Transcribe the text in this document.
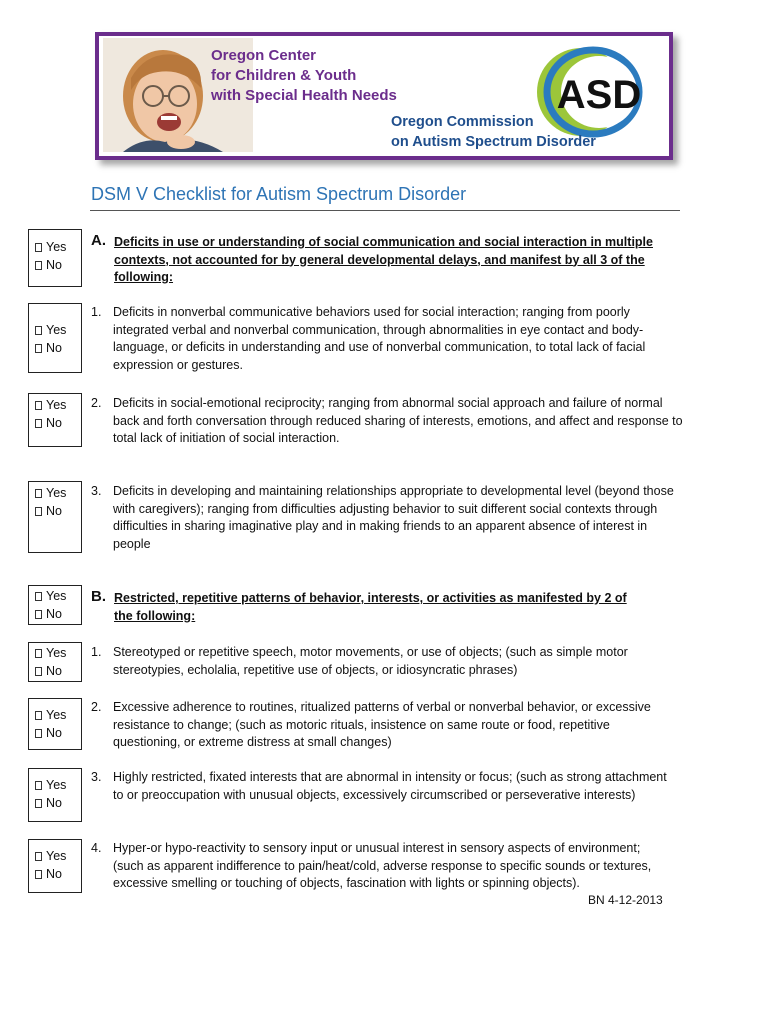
Oregon Center
for Children & Youth
with Special Health Needs	ASD
Oregon Commission
on Autism Spectrum Disorder
DSM V Checklist for Autism Spectrum Disorder
Yes
No
A. Deficits in use or understanding of social communication and social interaction in multiple contexts, not accounted for by general developmental delays, and manifest by all 3 of the following:
Yes
No
1. Deficits in nonverbal communicative behaviors used for social interaction; ranging from poorly integrated verbal and nonverbal communication, through abnormalities in eye contact and body-language, or deficits in understanding and use of nonverbal communication, to total lack of facial expression or gestures.
Yes
No
2. Deficits in social-emotional reciprocity; ranging from abnormal social approach and failure of normal back and forth conversation through reduced sharing of interests, emotions, and affect and response to total lack of initiation of social interaction.
Yes
No
3. Deficits in developing and maintaining relationships appropriate to developmental level (beyond those with caregivers); ranging from difficulties adjusting behavior to suit different social contexts through difficulties in sharing imaginative play and in making friends to an apparent absence of interest in people
Yes
No
B. Restricted, repetitive patterns of behavior, interests, or activities as manifested by 2 of the following:
Yes
No
1. Stereotyped or repetitive speech, motor movements, or use of objects; (such as simple motor stereotypies, echolalia, repetitive use of objects, or idiosyncratic phrases)
Yes
No
2. Excessive adherence to routines, ritualized patterns of verbal or nonverbal behavior, or excessive resistance to change; (such as motoric rituals, insistence on same route or food, repetitive questioning, or extreme distress at small changes)
Yes
No
3. Highly restricted, fixated interests that are abnormal in intensity or focus; (such as strong attachment to or preoccupation with unusual objects, excessively circumscribed or perseverative interests)
Yes
No
4. Hyper-or hypo-reactivity to sensory input or unusual interest in sensory aspects of environment; (such as apparent indifference to pain/heat/cold, adverse response to specific sounds or textures, excessive smelling or touching of objects, fascination with lights or spinning objects).
BN 4-12-2013
